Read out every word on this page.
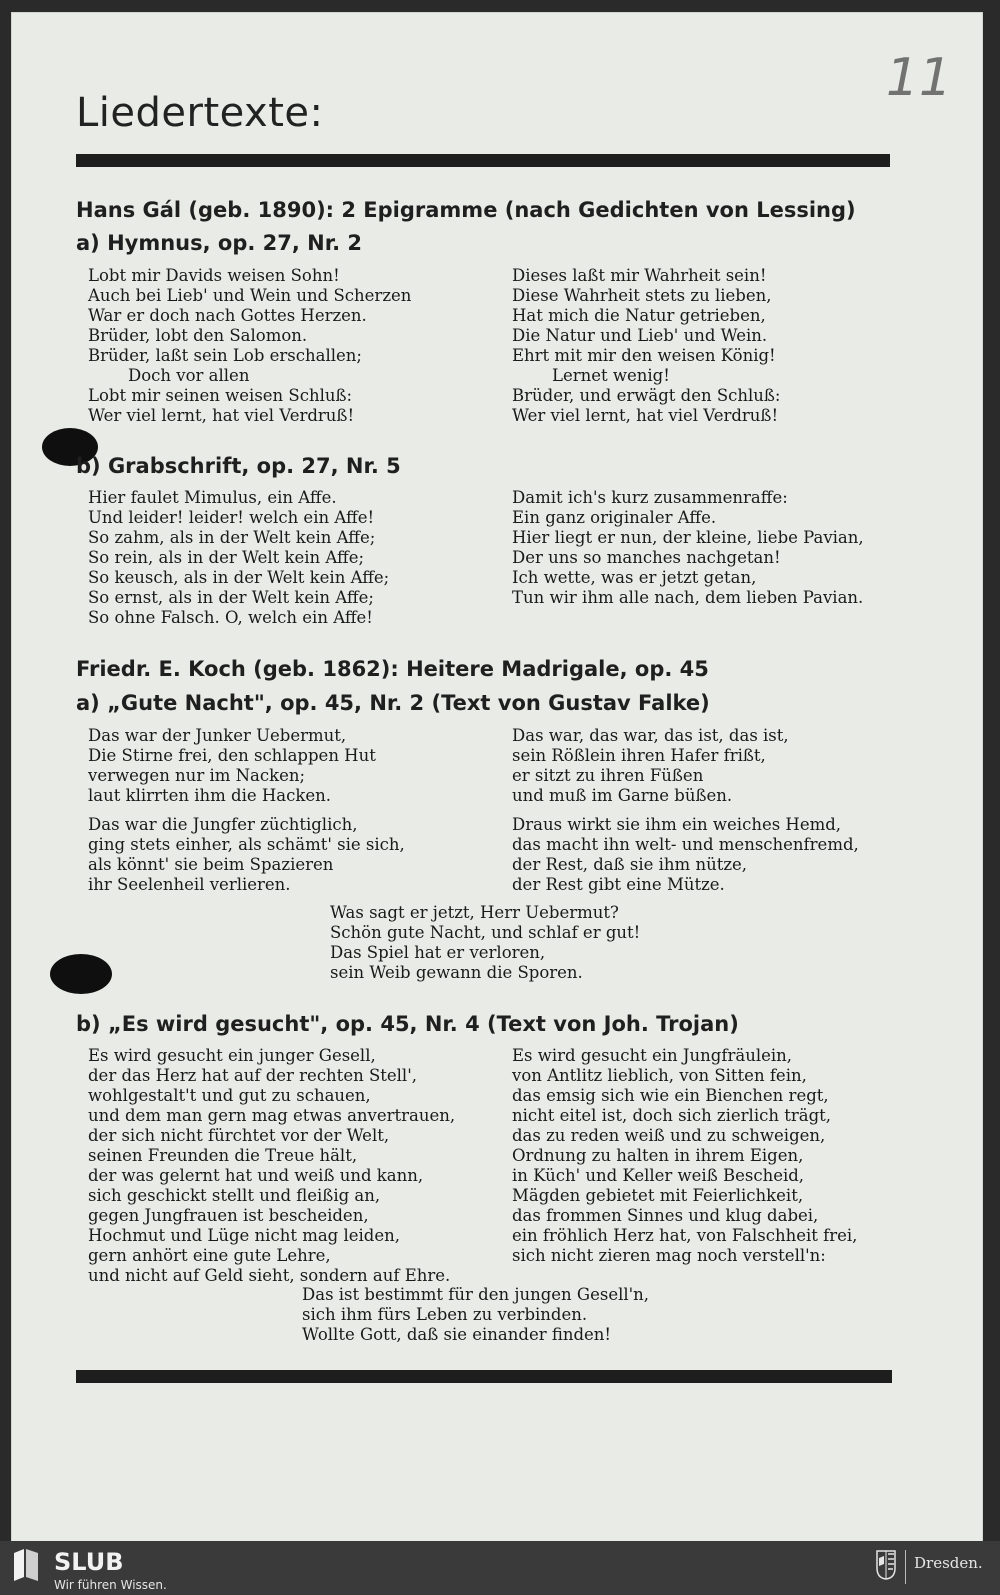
11
Liedertexte:
Hans Gál (geb. 1890): 2 Epigramme (nach Gedichten von Lessing)
a) Hymnus, op. 27, Nr. 2
Lobt mir Davids weisen Sohn!
Auch bei Lieb' und Wein und Scherzen
War er doch nach Gottes Herzen.
Brüder, lobt den Salomon.
Brüder, laßt sein Lob erschallen;
Doch vor allen
Lobt mir seinen weisen Schluß:
Wer viel lernt, hat viel Verdruß!
Dieses laßt mir Wahrheit sein!
Diese Wahrheit stets zu lieben,
Hat mich die Natur getrieben,
Die Natur und Lieb' und Wein.
Ehrt mit mir den weisen König!
Lernet wenig!
Brüder, und erwägt den Schluß:
Wer viel lernt, hat viel Verdruß!
b) Grabschrift, op. 27, Nr. 5
Hier faulet Mimulus, ein Affe.
Und leider! leider! welch ein Affe!
So zahm, als in der Welt kein Affe;
So rein, als in der Welt kein Affe;
So keusch, als in der Welt kein Affe;
So ernst, als in der Welt kein Affe;
So ohne Falsch. O, welch ein Affe!
Damit ich's kurz zusammenraffe:
Ein ganz originaler Affe.
Hier liegt er nun, der kleine, liebe Pavian,
Der uns so manches nachgetan!
Ich wette, was er jetzt getan,
Tun wir ihm alle nach, dem lieben Pavian.
Friedr. E. Koch (geb. 1862): Heitere Madrigale, op. 45
a) „Gute Nacht", op. 45, Nr. 2 (Text von Gustav Falke)
Das war der Junker Uebermut,
Die Stirne frei, den schlappen Hut
verwegen nur im Nacken;
laut klirrten ihm die Hacken.
Das war, das war, das ist, das ist,
sein Rößlein ihren Hafer frißt,
er sitzt zu ihren Füßen
und muß im Garne büßen.
Das war die Jungfer züchtiglich,
ging stets einher, als schämt' sie sich,
als könnt' sie beim Spazieren
ihr Seelenheil verlieren.
Draus wirkt sie ihm ein weiches Hemd,
das macht ihn welt- und menschenfremd,
der Rest, daß sie ihm nütze,
der Rest gibt eine Mütze.
Was sagt er jetzt, Herr Uebermut?
Schön gute Nacht, und schlaf er gut!
Das Spiel hat er verloren,
sein Weib gewann die Sporen.
b) „Es wird gesucht", op. 45, Nr. 4 (Text von Joh. Trojan)
Es wird gesucht ein junger Gesell,
der das Herz hat auf der rechten Stell',
wohlgestalt't und gut zu schauen,
und dem man gern mag etwas anvertrauen,
der sich nicht fürchtet vor der Welt,
seinen Freunden die Treue hält,
der was gelernt hat und weiß und kann,
sich geschickt stellt und fleißig an,
gegen Jungfrauen ist bescheiden,
Hochmut und Lüge nicht mag leiden,
gern anhört eine gute Lehre,
und nicht auf Geld sieht, sondern auf Ehre.
Es wird gesucht ein Jungfräulein,
von Antlitz lieblich, von Sitten fein,
das emsig sich wie ein Bienchen regt,
nicht eitel ist, doch sich zierlich trägt,
das zu reden weiß und zu schweigen,
Ordnung zu halten in ihrem Eigen,
in Küch' und Keller weiß Bescheid,
Mägden gebietet mit Feierlichkeit,
das frommen Sinnes und klug dabei,
ein fröhlich Herz hat, von Falschheit frei,
sich nicht zieren mag noch verstell'n:
Das ist bestimmt für den jungen Gesell'n,
sich ihm fürs Leben zu verbinden.
Wollte Gott, daß sie einander finden!
SLUB
Wir führen Wissen.
Dresden.
